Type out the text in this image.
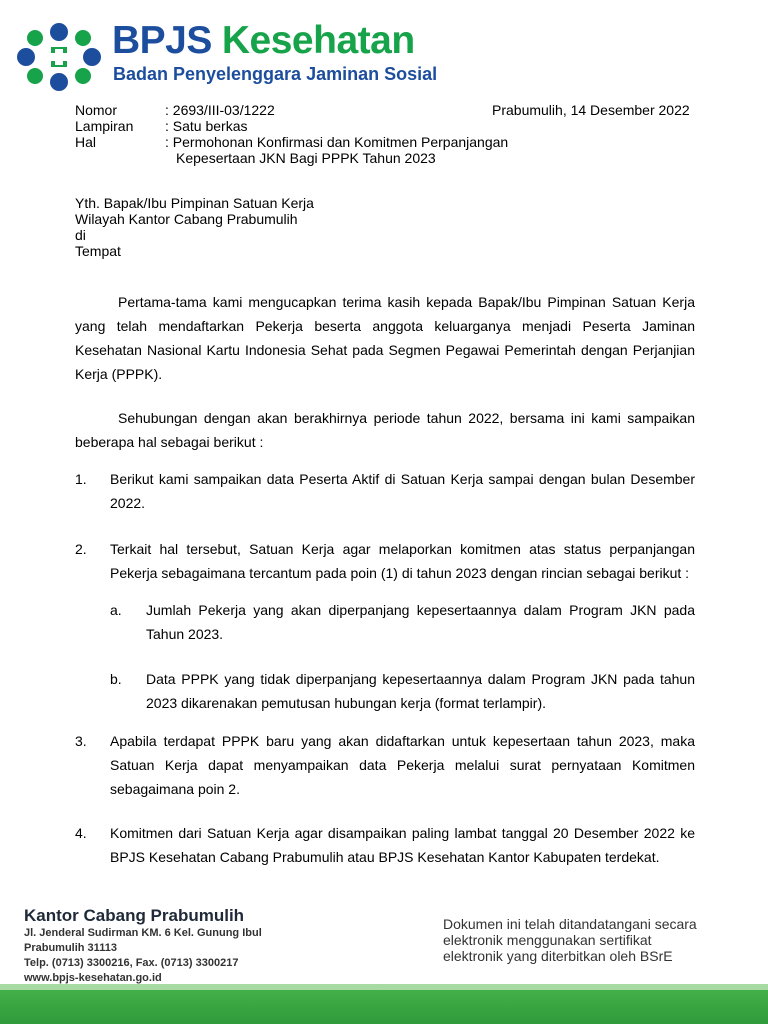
BPJS Kesehatan
Badan Penyelenggara Jaminan Sosial
Nomor	: 2693/III-03/1222
Lampiran	: Satu berkas
Hal	: Permohonan Konfirmasi dan Komitmen Perpanjangan
Kepesertaan JKN Bagi PPPK Tahun 2023
Prabumulih, 14 Desember 2022
Yth. Bapak/Ibu Pimpinan Satuan Kerja
Wilayah Kantor Cabang Prabumulih
di
Tempat
Pertama-tama kami mengucapkan terima kasih kepada Bapak/Ibu Pimpinan Satuan Kerja yang telah mendaftarkan Pekerja beserta anggota keluarganya menjadi Peserta Jaminan Kesehatan Nasional Kartu Indonesia Sehat pada Segmen Pegawai Pemerintah dengan Perjanjian Kerja (PPPK).
Sehubungan dengan akan berakhirnya periode tahun 2022, bersama ini kami sampaikan beberapa hal sebagai berikut :
1.	Berikut kami sampaikan data Peserta Aktif di Satuan Kerja sampai dengan bulan Desember 2022.
2.	Terkait hal tersebut, Satuan Kerja agar melaporkan komitmen atas status perpanjangan Pekerja sebagaimana tercantum pada poin (1) di tahun 2023 dengan rincian sebagai berikut :
a.	Jumlah Pekerja yang akan diperpanjang kepesertaannya dalam Program JKN pada Tahun 2023.
b.	Data PPPK yang tidak diperpanjang kepesertaannya dalam Program JKN pada tahun 2023 dikarenakan pemutusan hubungan kerja (format terlampir).
3.	Apabila terdapat PPPK baru yang akan didaftarkan untuk kepesertaan tahun 2023, maka Satuan Kerja dapat menyampaikan data Pekerja melalui surat pernyataan Komitmen sebagaimana poin 2.
4.	Komitmen dari Satuan Kerja agar disampaikan paling lambat tanggal 20 Desember 2022 ke BPJS Kesehatan Cabang Prabumulih atau BPJS Kesehatan Kantor Kabupaten terdekat.
Kantor Cabang Prabumulih
Jl. Jenderal Sudirman KM. 6 Kel. Gunung Ibul
Prabumulih 31113
Telp. (0713) 3300216, Fax. (0713) 3300217
www.bpjs-kesehatan.go.id
Dokumen ini telah ditandatangani secara
elektronik menggunakan sertifikat
elektronik yang diterbitkan oleh BSrE
